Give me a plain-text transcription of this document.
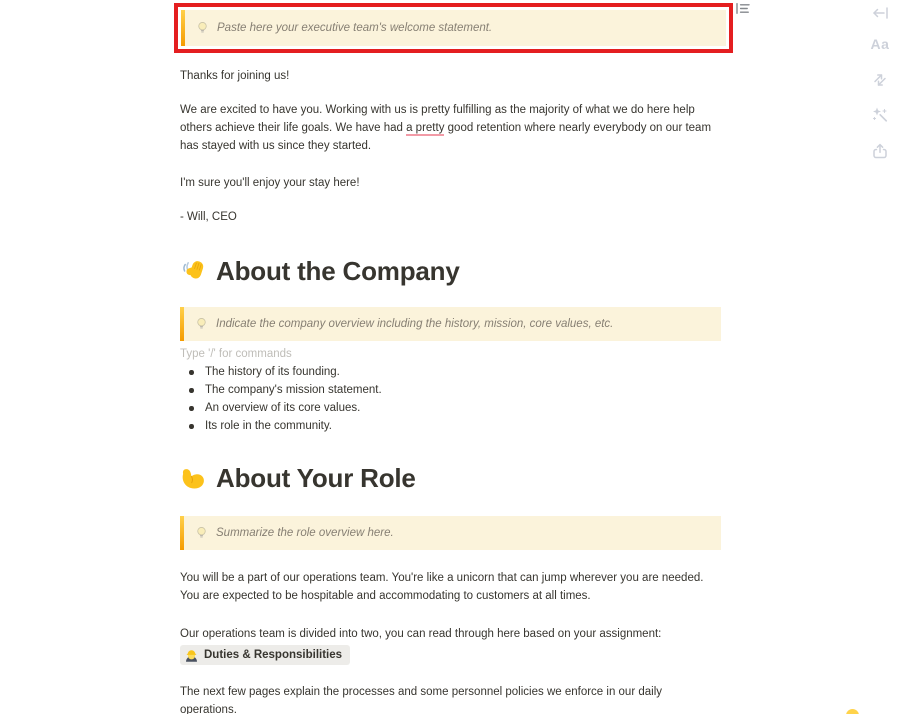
Aa
Paste here your executive team's welcome statement.

Thanks for joining us!

We are excited to have you. Working with us is pretty fulfilling as the majority of what we do here help others achieve their life goals. We have had a pretty good retention where nearly everybody on our team has stayed with us since they started.

I'm sure you'll enjoy your stay here!

- Will, CEO

About the Company
Indicate the company overview including the history, mission, core values, etc.
Type '/' for commands
The history of its founding.
The company's mission statement.
An overview of its core values.
Its role in the community.
About Your Role
Summarize the role overview here.

You will be a part of our operations team. You're like a unicorn that can jump wherever you are needed. You are expected to be hospitable and accommodating to customers at all times.

Our operations team is divided into two, you can read through here based on your assignment:

Duties & Responsibilities

The next few pages explain the processes and some personnel policies we enforce in our daily operations.
